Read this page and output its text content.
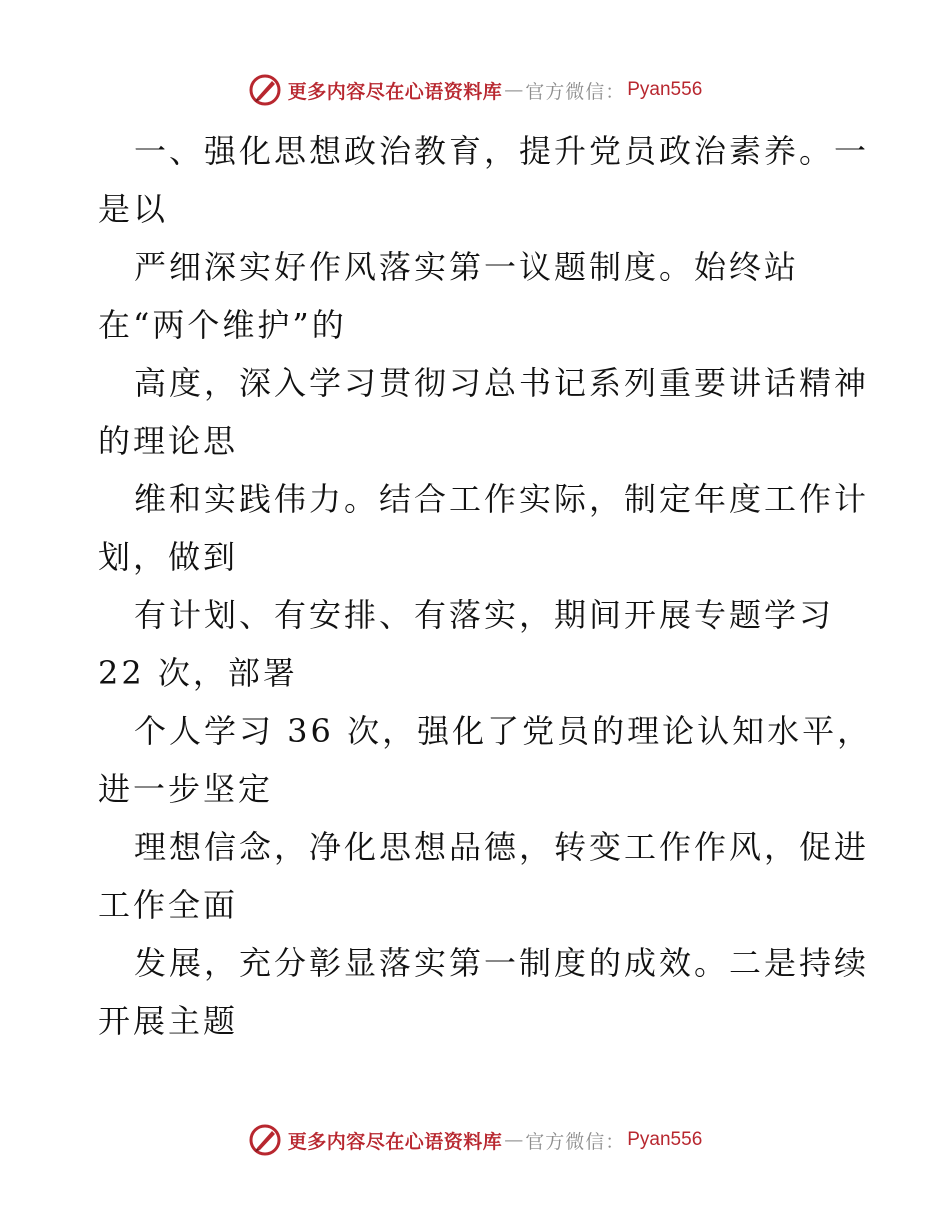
更多内容尽在心语资料库 — 官方微信： Pyan556
一、强化思想政治教育，提升党员政治素养。一
是以
严细深实好作风落实第一议题制度。始终站
在“两个维护”的
高度，深入学习贯彻习总书记系列重要讲话精神
的理论思
维和实践伟力。结合工作实际，制定年度工作计
划，做到
有计划、有安排、有落实，期间开展专题学习
22 次，部署
个人学习 36 次，强化了党员的理论认知水平，
进一步坚定
理想信念，净化思想品德，转变工作作风，促进
工作全面
发展，充分彰显落实第一制度的成效。二是持续
开展主题
更多内容尽在心语资料库 — 官方微信： Pyan556
